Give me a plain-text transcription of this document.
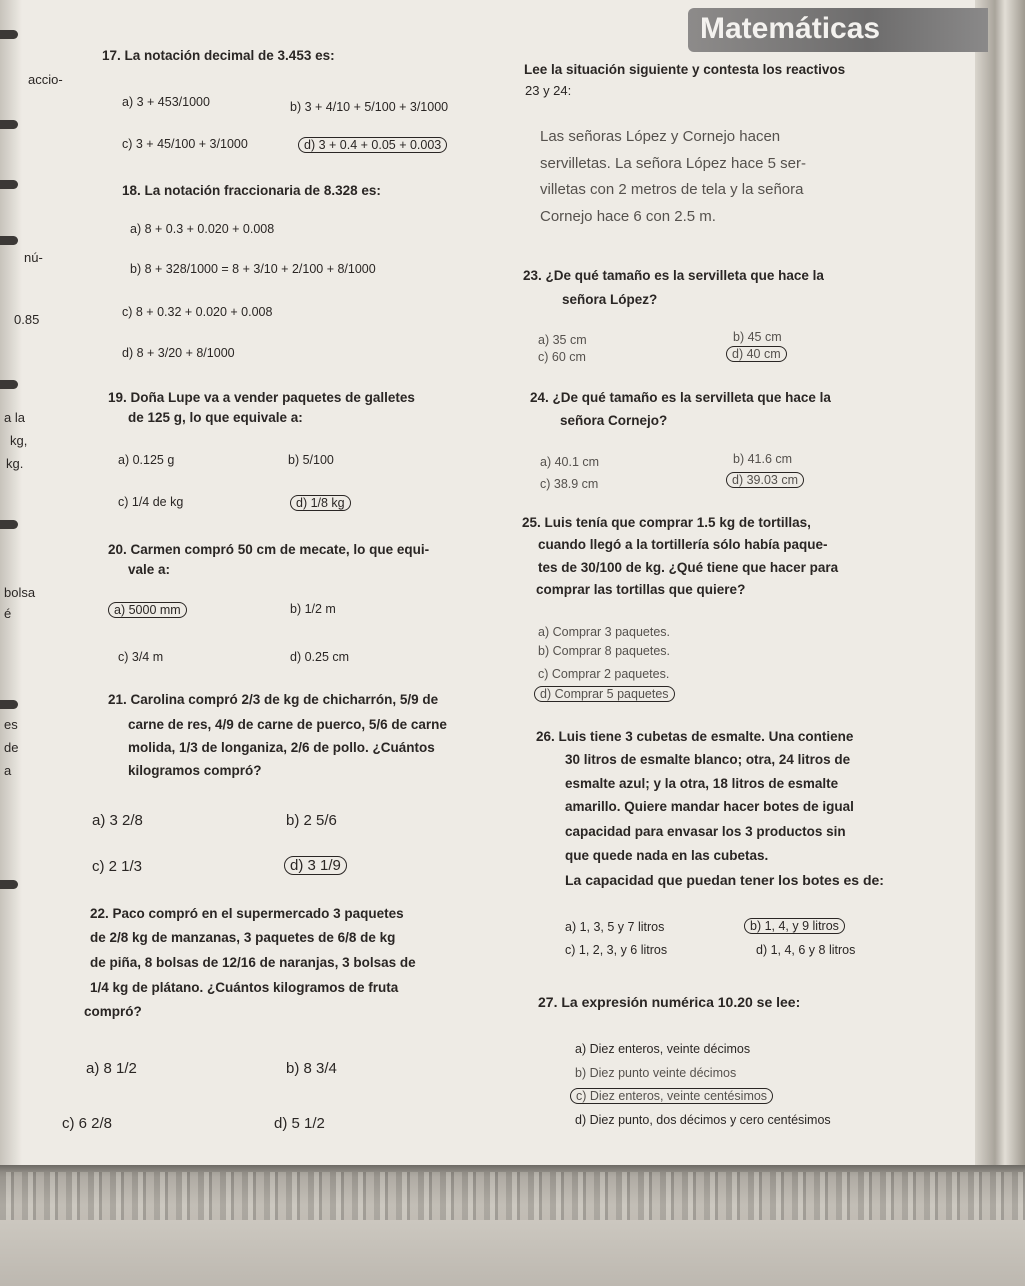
Matemáticas
accio-
nú-
0.85
a la
kg,
kg.
bolsa
é
es
de
a
17. La notación decimal de 3.453 es:
a) 3 + 453/1000	b) 3 + 4/10 + 5/100 + 3/1000
c) 3 + 45/100 + 3/1000	d) 3 + 0.4 + 0.05 + 0.003
18. La notación fraccionaria de 8.328 es:
a) 8 + 0.3 + 0.020 + 0.008
b) 8 + 328/1000 = 8 + 3/10 + 2/100 + 8/1000
c) 8 + 0.32 + 0.020 + 0.008
d) 8 + 3/20 + 8/1000
19. Doña Lupe va a vender paquetes de galletes
de 125 g, lo que equivale a:
a) 0.125 g	b) 5/100
c) 1/4 de kg	d) 1/8 kg
20. Carmen compró 50 cm de mecate, lo que equi-
vale a:
a) 5000 mm	b) 1/2 m
c) 3/4 m	d) 0.25 cm
21. Carolina compró 2/3 de kg de chicharrón, 5/9 de
carne de res, 4/9 de carne de puerco, 5/6 de carne
molida, 1/3 de longaniza, 2/6 de pollo. ¿Cuántos
kilogramos compró?
a) 3 2/8	b) 2 5/6
c) 2 1/3	d) 3 1/9
22. Paco compró en el supermercado 3 paquetes
de 2/8 kg de manzanas, 3 paquetes de 6/8 de kg
de piña, 8 bolsas de 12/16 de naranjas, 3 bolsas de
1/4 kg de plátano. ¿Cuántos kilogramos de fruta
compró?
a) 8 1/2	b) 8 3/4
c) 6 2/8	d) 5 1/2
Lee la situación siguiente y contesta los reactivos
23 y 24:
Las señoras López y Cornejo hacen
servilletas. La señora López hace 5 ser-
villetas con 2 metros de tela y la señora
Cornejo hace 6 con 2.5 m.
23. ¿De qué tamaño es la servilleta que hace la
señora López?
a) 35 cm	b) 45 cm
c) 60 cm	d) 40 cm
24. ¿De qué tamaño es la servilleta que hace la
señora Cornejo?
a) 40.1 cm	b) 41.6 cm
c) 38.9 cm	d) 39.03 cm
25. Luis tenía que comprar 1.5 kg de tortillas,
cuando llegó a la tortillería sólo había paque-
tes de 30/100 de kg. ¿Qué tiene que hacer para
comprar las tortillas que quiere?
a) Comprar 3 paquetes.
b) Comprar 8 paquetes.
c) Comprar 2 paquetes.
d) Comprar 5 paquetes
26. Luis tiene 3 cubetas de esmalte. Una contiene
30 litros de esmalte blanco; otra, 24 litros de
esmalte azul; y la otra, 18 litros de esmalte
amarillo. Quiere mandar hacer botes de igual
capacidad para envasar los 3 productos sin
que quede nada en las cubetas.
La capacidad que puedan tener los botes es de:
a) 1, 3, 5 y 7 litros	b) 1, 4, y 9 litros
c) 1, 2, 3, y 6 litros	d) 1, 4, 6 y 8 litros
27. La expresión numérica 10.20 se lee:
a) Diez enteros, veinte décimos
b) Diez punto veinte décimos
c) Diez enteros, veinte centésimos
d) Diez punto, dos décimos y cero centésimos
